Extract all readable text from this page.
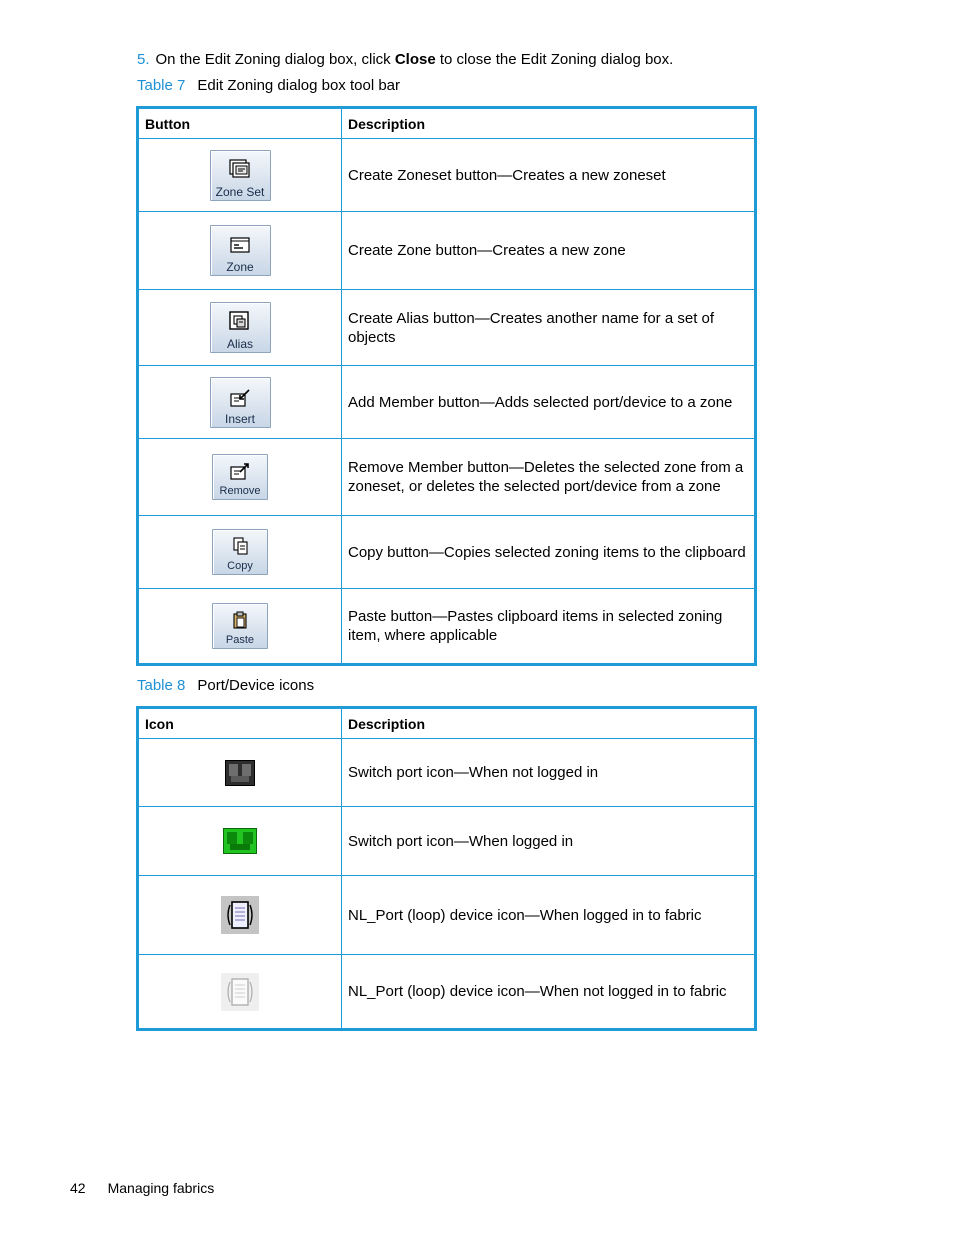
5. On the Edit Zoning dialog box, click Close to close the Edit Zoning dialog box.
Table 7 Edit Zoning dialog box tool bar
Button	Description

Zone Set	Create Zoneset button—Creates a new zoneset

Zone	Create Zone button—Creates a new zone

Alias	Create Alias button—Creates another name for a set of objects

Insert	Add Member button—Adds selected port/device to a zone

Remove	Remove Member button—Deletes the selected zone from a zoneset, or deletes the selected port/device from a zone

Copy	Copy button—Copies selected zoning items to the clipboard

Paste	Paste button—Pastes clipboard items in selected zoning item, where applicable
Table 8 Port/Device icons
Icon	Description
	Switch port icon—When not logged in
	Switch port icon—When logged in
	NL_Port (loop) device icon—When logged in to fabric
	NL_Port (loop) device icon—When not logged in to fabric
42 Managing fabrics
